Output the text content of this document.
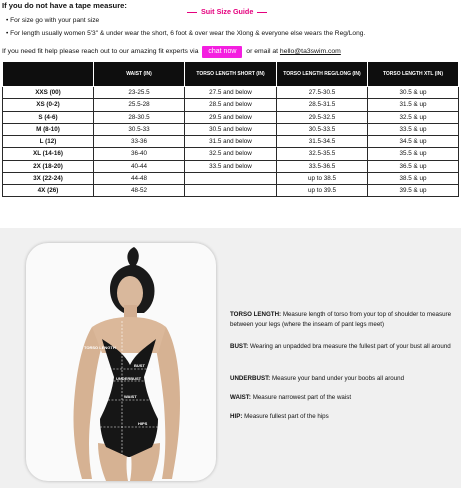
If you do not have a tape measure:
Suit Size Guide
• For size go with your pant size
• For length usually women 5'3" & under wear the short, 6 foot & over wear the Xlong & everyone else wears the Reg/Long.
If you need fit help please reach out to our amazing fit experts via chat now or email at hello@ta3swim.com
	WAIST (IN)	TORSO LENGTH SHORT (IN)	TORSO LENGTH REG/LONG (IN)	TORSO LENGTH XTL (IN)
XXS (00)	23-25.5	27.5 and below	27.5-30.5	30.5 & up
XS (0-2)	25.5-28	28.5 and below	28.5-31.5	31.5 & up
S (4-6)	28-30.5	29.5 and below	29.5-32.5	32.5 & up
M (8-10)	30.5-33	30.5 and below	30.5-33.5	33.5 & up
L (12)	33-36	31.5 and below	31.5-34.5	34.5 & up
XL (14-16)	36-40	32.5 and below	32.5-35.5	35.5 & up
2X (18-20)	40-44	33.5 and below	33.5-36.5	36.5 & up
3X (22-24)	44-48		up to 38.5	38.5 & up
4X (26)	48-52		up to 39.5	39.5 & up
TORSO LENGTH
BUST
UNDERBUST
WAIST
HIPS
TORSO LENGTH: Measure length of torso from your top of shoulder to measure between your legs (where the inseam of pant legs meet)
BUST: Wearing an unpadded bra measure the fullest part of your bust all around
UNDERBUST: Measure your band under your boobs all around
WAIST: Measure narrowest part of the waist
HIP: Measure fullest part of the hips
